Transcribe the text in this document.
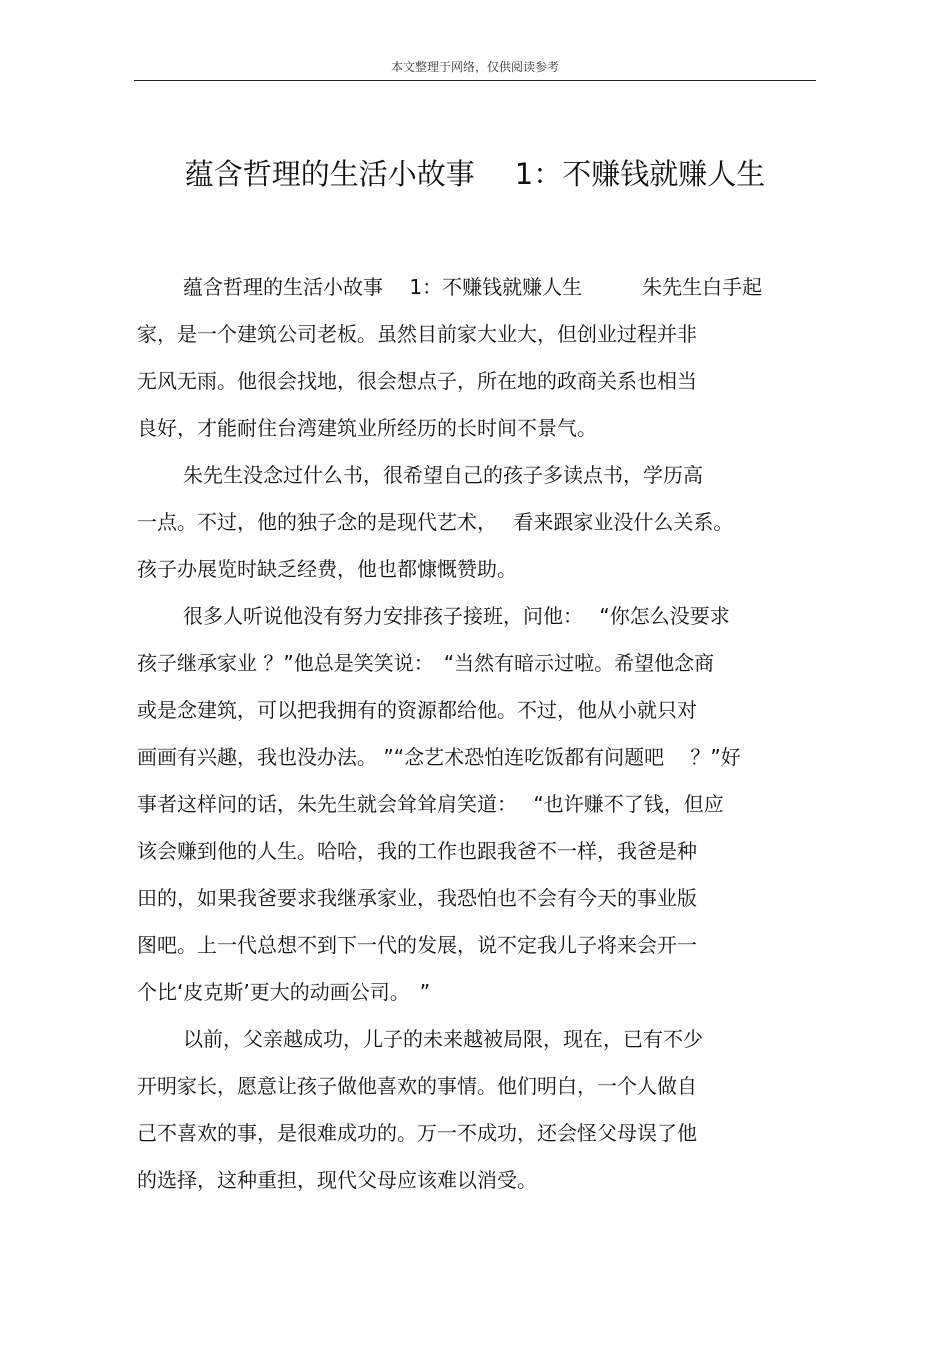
本文整理于网络，仅供阅读参考
蕴含哲理的生活小故事 1：不赚钱就赚人生
蕴含哲理的生活小故事　 1：不赚钱就赚人生　　　朱先生白手起
家，是一个建筑公司老板。虽然目前家大业大，但创业过程并非
无风无雨。他很会找地，很会想点子，所在地的政商关系也相当
良好，才能耐住台湾建筑业所经历的长时间不景气。
朱先生没念过什么书，很希望自己的孩子多读点书，学历高
一点。不过，他的独子念的是现代艺术，　 看来跟家业没什么关系。
孩子办展览时缺乏经费，他也都慷慨赞助。
很多人听说他没有努力安排孩子接班，问他：　 “你怎么没要求
孩子继承家业 ？”他总是笑笑说：　“当然有暗示过啦。希望他念商
或是念建筑，可以把我拥有的资源都给他。不过，他从小就只对
画画有兴趣，我也没办法。 ”“念艺术恐怕连吃饭都有问题吧　 ？”好
事者这样问的话，朱先生就会耸耸肩笑道：　 “也许赚不了钱，但应
该会赚到他的人生。哈哈，我的工作也跟我爸不一样，我爸是种
田的，如果我爸要求我继承家业，我恐怕也不会有今天的事业版
图吧。上一代总想不到下一代的发展，说不定我儿子将来会开一
个比‘皮克斯’更大的动画公司。　”
以前，父亲越成功，儿子的未来越被局限，现在，已有不少
开明家长，愿意让孩子做他喜欢的事情。他们明白，一个人做自
己不喜欢的事，是很难成功的。万一不成功，还会怪父母误了他
的选择，这种重担，现代父母应该难以消受。
